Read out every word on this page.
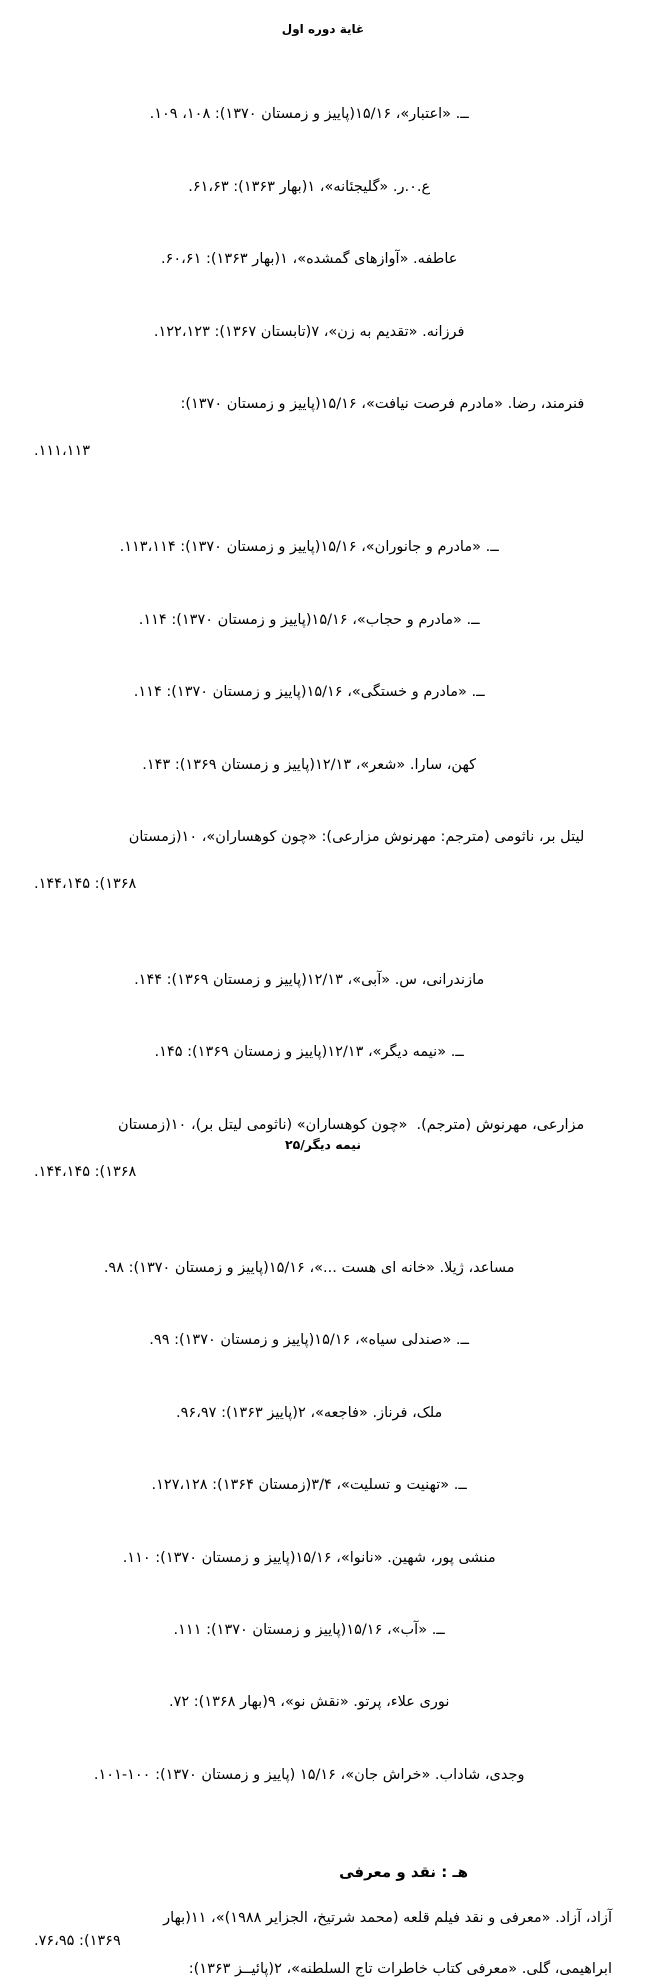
غایة دوره اول

ــ. «اعتبار»، ۱۵/۱۶(پاییز و زمستان ۱۳۷۰): ۱۰۸، ۱۰۹.

ع.۰.ر. «گلیجئانه»، ۱(بهار ۱۳۶۳): ۶۱،۶۳.

عاطفه. «آوازهای گمشده»، ۱(بهار ۱۳۶۳): ۶۰،۶۱.

فرزانه. «تقدیم به زن»، ۷(تابستان ۱۳۶۷): ۱۲۲،۱۲۳.

فنرمند، رضا. «مادرم فرصت نیافت»، ۱۵/۱۶(پاییز و زمستان ۱۳۷۰):

۱۱۱،۱۱۳.

ــ. «مادرم و جانوران»، ۱۵/۱۶(پاییز و زمستان ۱۳۷۰): ۱۱۳،۱۱۴.

ــ. «مادرم و حجاب»، ۱۵/۱۶(پاییز و زمستان ۱۳۷۰): ۱۱۴.

ــ. «مادرم و خستگی»، ۱۵/۱۶(پاییز و زمستان ۱۳۷۰): ۱۱۴.

کهن، سارا. «شعر»، ۱۲/۱۳(پاییز و زمستان ۱۳۶۹): ۱۴۳.

لیتل بر، ناثومی (مترجم: مهرنوش مزارعی): «چون کوهساران»، ۱۰(زمستان

۱۳۶۸): ۱۴۴،۱۴۵.

مازندرانی، س. «آبی»، ۱۲/۱۳(پاییز و زمستان ۱۳۶۹): ۱۴۴.

ــ. «نیمه دیگر»، ۱۲/۱۳(پاییز و زمستان ۱۳۶۹): ۱۴۵.

مزارعی، مهرنوش (مترجم).  «چون کوهساران» (ناثومی لیتل بر)، ۱۰(زمستان

۱۳۶۸): ۱۴۴،۱۴۵.

مساعد، ژیلا. «خانه ای هست ...»، ۱۵/۱۶(پاییز و زمستان ۱۳۷۰): ۹۸.

ــ. «صندلی سیاه»، ۱۵/۱۶(پاییز و زمستان ۱۳۷۰): ۹۹.

ملک، فرناز. «فاجعه»، ۲(پاییز ۱۳۶۳): ۹۶،۹۷.

ــ. «تهنیت و تسلیت»، ۳/۴(زمستان ۱۳۶۴): ۱۲۷،۱۲۸.

منشی پور، شهین. «نانوا»، ۱۵/۱۶(پاییز و زمستان ۱۳۷۰): ۱۱۰.

ــ. «آب»، ۱۵/۱۶(پاییز و زمستان ۱۳۷۰): ۱۱۱.

نوری علاء، پرتو. «نقش نو»، ۹(بهار ۱۳۶۸): ۷۲.

وجدی، شاداب. «خراش جان»، ۱۵/۱۶ (پاییز و زمستان ۱۳۷۰): ۱۰۰-۱۰۱.

هـ : نقد و معرفی
آزاد، آزاد. «معرفی و نقد فیلم قلعه (محمد شرتیخ، الجزایر ۱۹۸۸)»، ۱۱(بهار
۱۳۶۹): ۷۶،۹۵.
ابراهیمی، گلی. «معرفی کتاب خاطرات تاج السلطنه»، ۲(پائیــز ۱۳۶۳):
نیمه دیگر/۲۵
